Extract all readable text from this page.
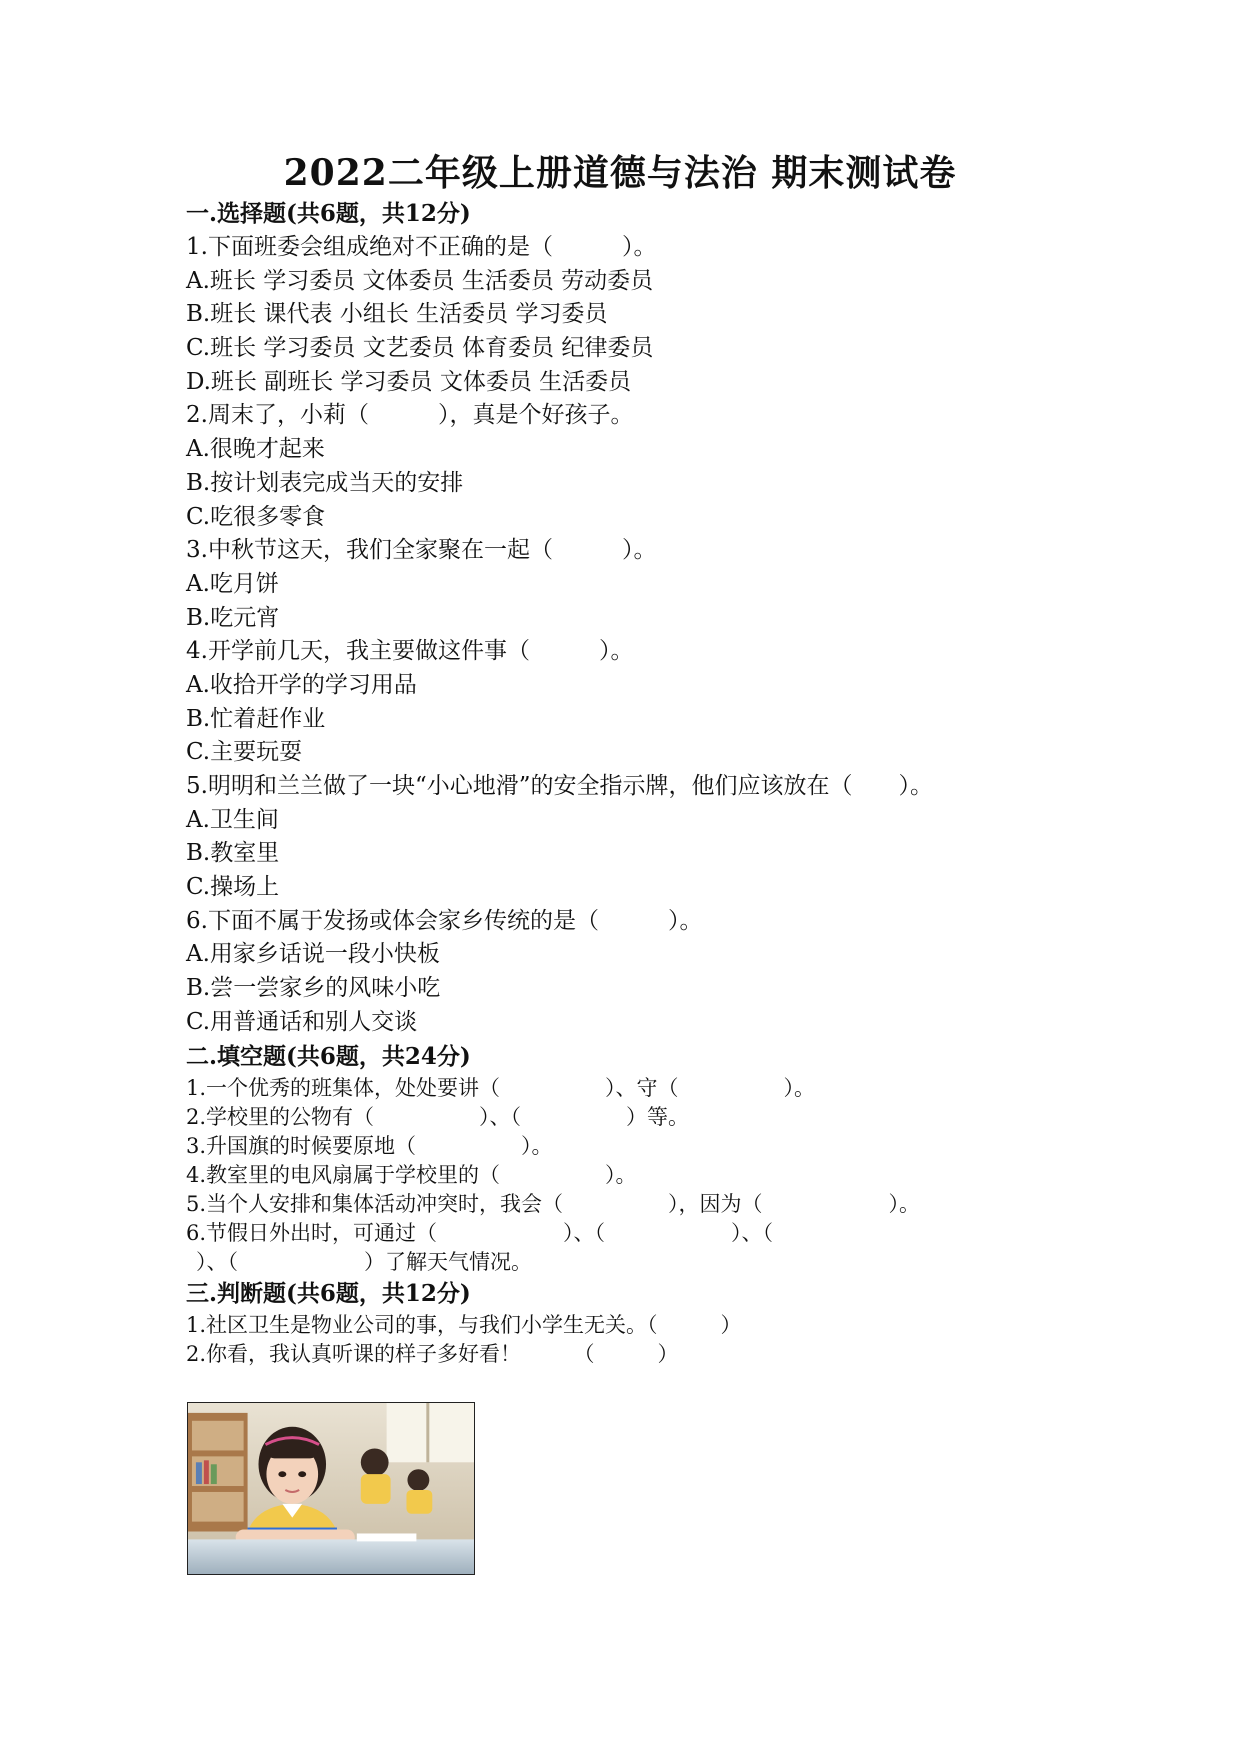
2022二年级上册道德与法治 期末测试卷
一.选择题(共6题，共12分)
1.下面班委会组成绝对不正确的是（　　　）。
A.班长 学习委员 文体委员 生活委员 劳动委员
B.班长 课代表 小组长 生活委员 学习委员
C.班长 学习委员 文艺委员 体育委员 纪律委员
D.班长 副班长 学习委员 文体委员 生活委员
2.周末了，小莉（　　　），真是个好孩子。
A.很晚才起来
B.按计划表完成当天的安排
C.吃很多零食
3.中秋节这天，我们全家聚在一起（　　　）。
A.吃月饼
B.吃元宵
4.开学前几天，我主要做这件事（　　　）。
A.收拾开学的学习用品
B.忙着赶作业
C.主要玩耍
5.明明和兰兰做了一块“小心地滑”的安全指示牌，他们应该放在（　　）。
A.卫生间
B.教室里
C.操场上
6.下面不属于发扬或体会家乡传统的是（　　　）。
A.用家乡话说一段小快板
B.尝一尝家乡的风味小吃
C.用普通话和别人交谈
二.填空题(共6题，共24分)
1.一个优秀的班集体，处处要讲（　　　　　）、守（　　　　　）。
2.学校里的公物有（　　　　　）、（　　　　　）等。
3.升国旗的时候要原地（　　　　　）。
4.教室里的电风扇属于学校里的（　　　　　）。
5.当个人安排和集体活动冲突时，我会（　　　　　），因为（　　　　　　）。
6.节假日外出时，可通过（　　　　　　）、（　　　　　　）、（
）、（　　　　　　）了解天气情况。
三.判断题(共6题，共12分)
1.社区卫生是物业公司的事，与我们小学生无关。（　　　）
2.你看，我认真听课的样子多好看！　　　（　　　）
